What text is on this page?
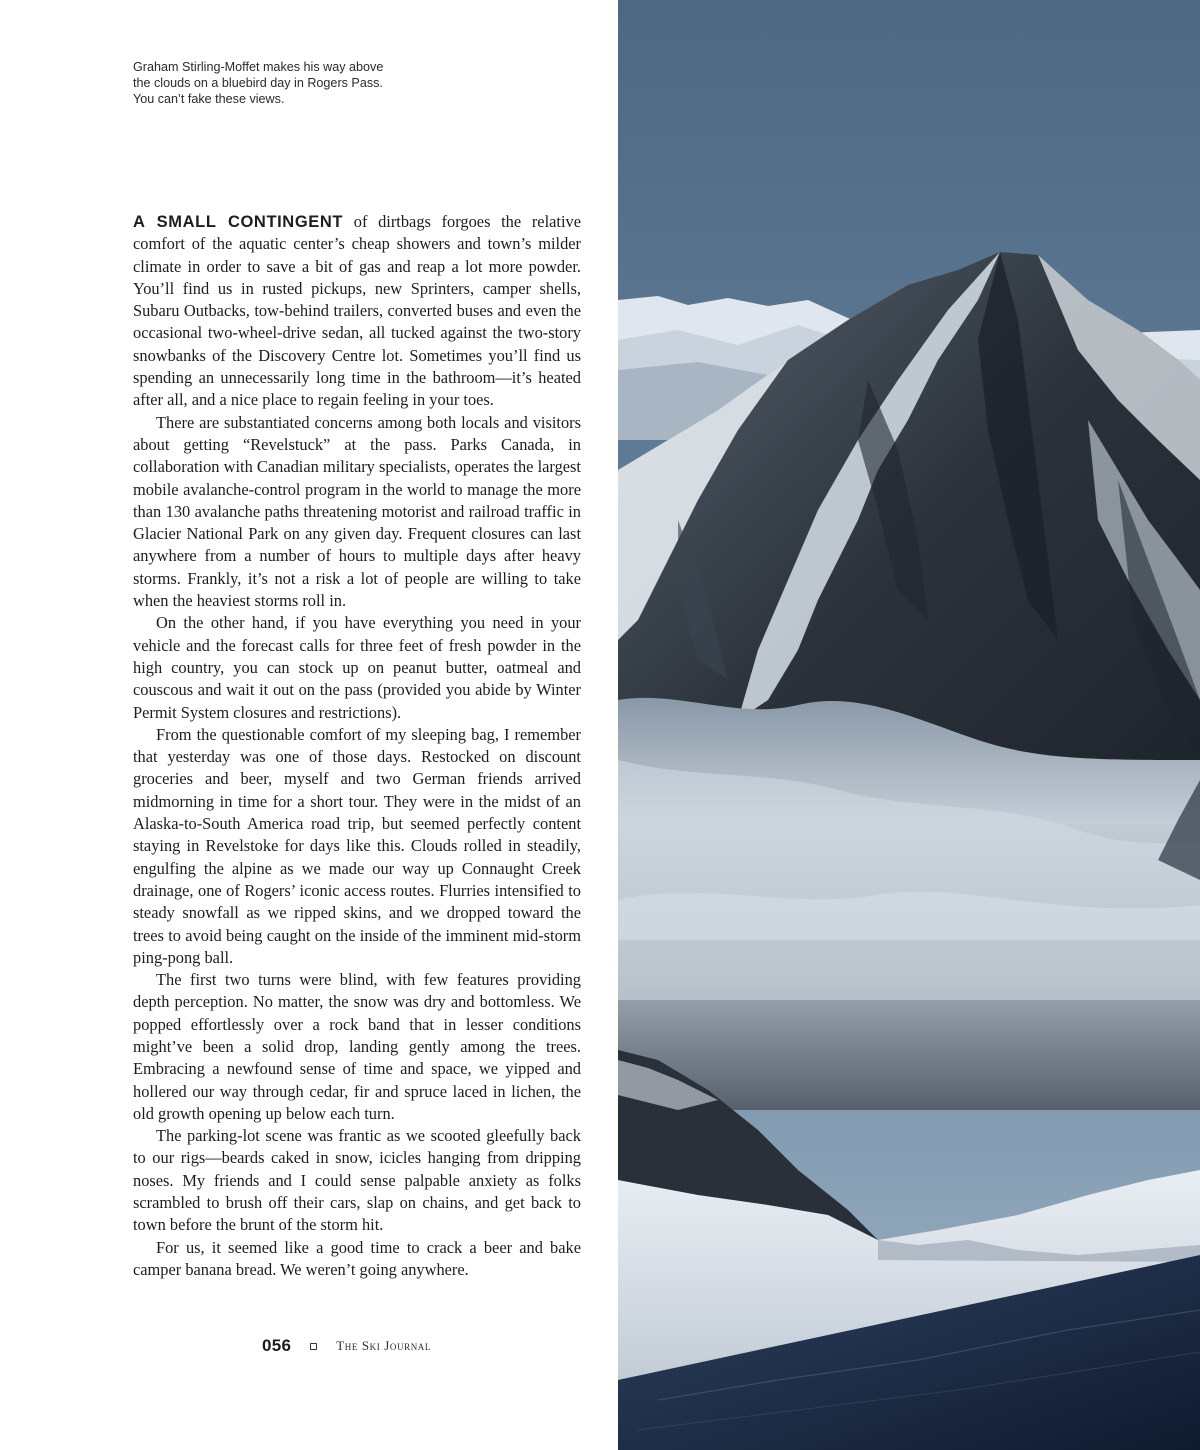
Graham Stirling-Moffet makes his way above
the clouds on a bluebird day in Rogers Pass.
You can’t fake these views.

A SMALL CONTINGENT of dirtbags forgoes the relative comfort of the aquatic center’s cheap showers and town’s milder climate in order to save a bit of gas and reap a lot more powder. You’ll find us in rusted pickups, new Sprinters, camper shells, Subaru Outbacks, tow-behind trailers, converted buses and even the occasional two-wheel-drive sedan, all tucked against the two-story snowbanks of the Discovery Centre lot. Sometimes you’ll find us spending an unnecessarily long time in the bathroom—it’s heated after all, and a nice place to regain feeling in your toes.

There are substantiated concerns among both locals and visitors about getting “Revelstuck” at the pass. Parks Canada, in collaboration with Canadian military specialists, operates the largest mobile avalanche-control program in the world to manage the more than 130 avalanche paths threatening motorist and railroad traffic in Glacier National Park on any given day. Frequent closures can last anywhere from a number of hours to multiple days after heavy storms. Frankly, it’s not a risk a lot of people are willing to take when the heaviest storms roll in.

On the other hand, if you have everything you need in your vehicle and the forecast calls for three feet of fresh powder in the high country, you can stock up on peanut butter, oatmeal and couscous and wait it out on the pass (provided you abide by Winter Permit System closures and restrictions).

From the questionable comfort of my sleeping bag, I remember that yesterday was one of those days. Restocked on discount groceries and beer, myself and two German friends arrived midmorning in time for a short tour. They were in the midst of an Alaska-to-South America road trip, but seemed perfectly content staying in Revelstoke for days like this. Clouds rolled in steadily, engulfing the alpine as we made our way up Connaught Creek drainage, one of Rogers’ iconic access routes. Flurries intensified to steady snowfall as we ripped skins, and we dropped toward the trees to avoid being caught on the inside of the imminent mid-storm ping-pong ball.

The first two turns were blind, with few features providing depth perception. No matter, the snow was dry and bottomless. We popped effortlessly over a rock band that in lesser conditions might’ve been a solid drop, landing gently among the trees. Embracing a newfound sense of time and space, we yipped and hollered our way through cedar, fir and spruce laced in lichen, the old growth opening up below each turn.

The parking-lot scene was frantic as we scooted gleefully back to our rigs—beards caked in snow, icicles hanging from dripping noses. My friends and I could sense palpable anxiety as folks scrambled to brush off their cars, slap on chains, and get back to town before the brunt of the storm hit.

For us, it seemed like a good time to crack a beer and bake camper banana bread. We weren’t going anywhere.

056	The Ski Journal
